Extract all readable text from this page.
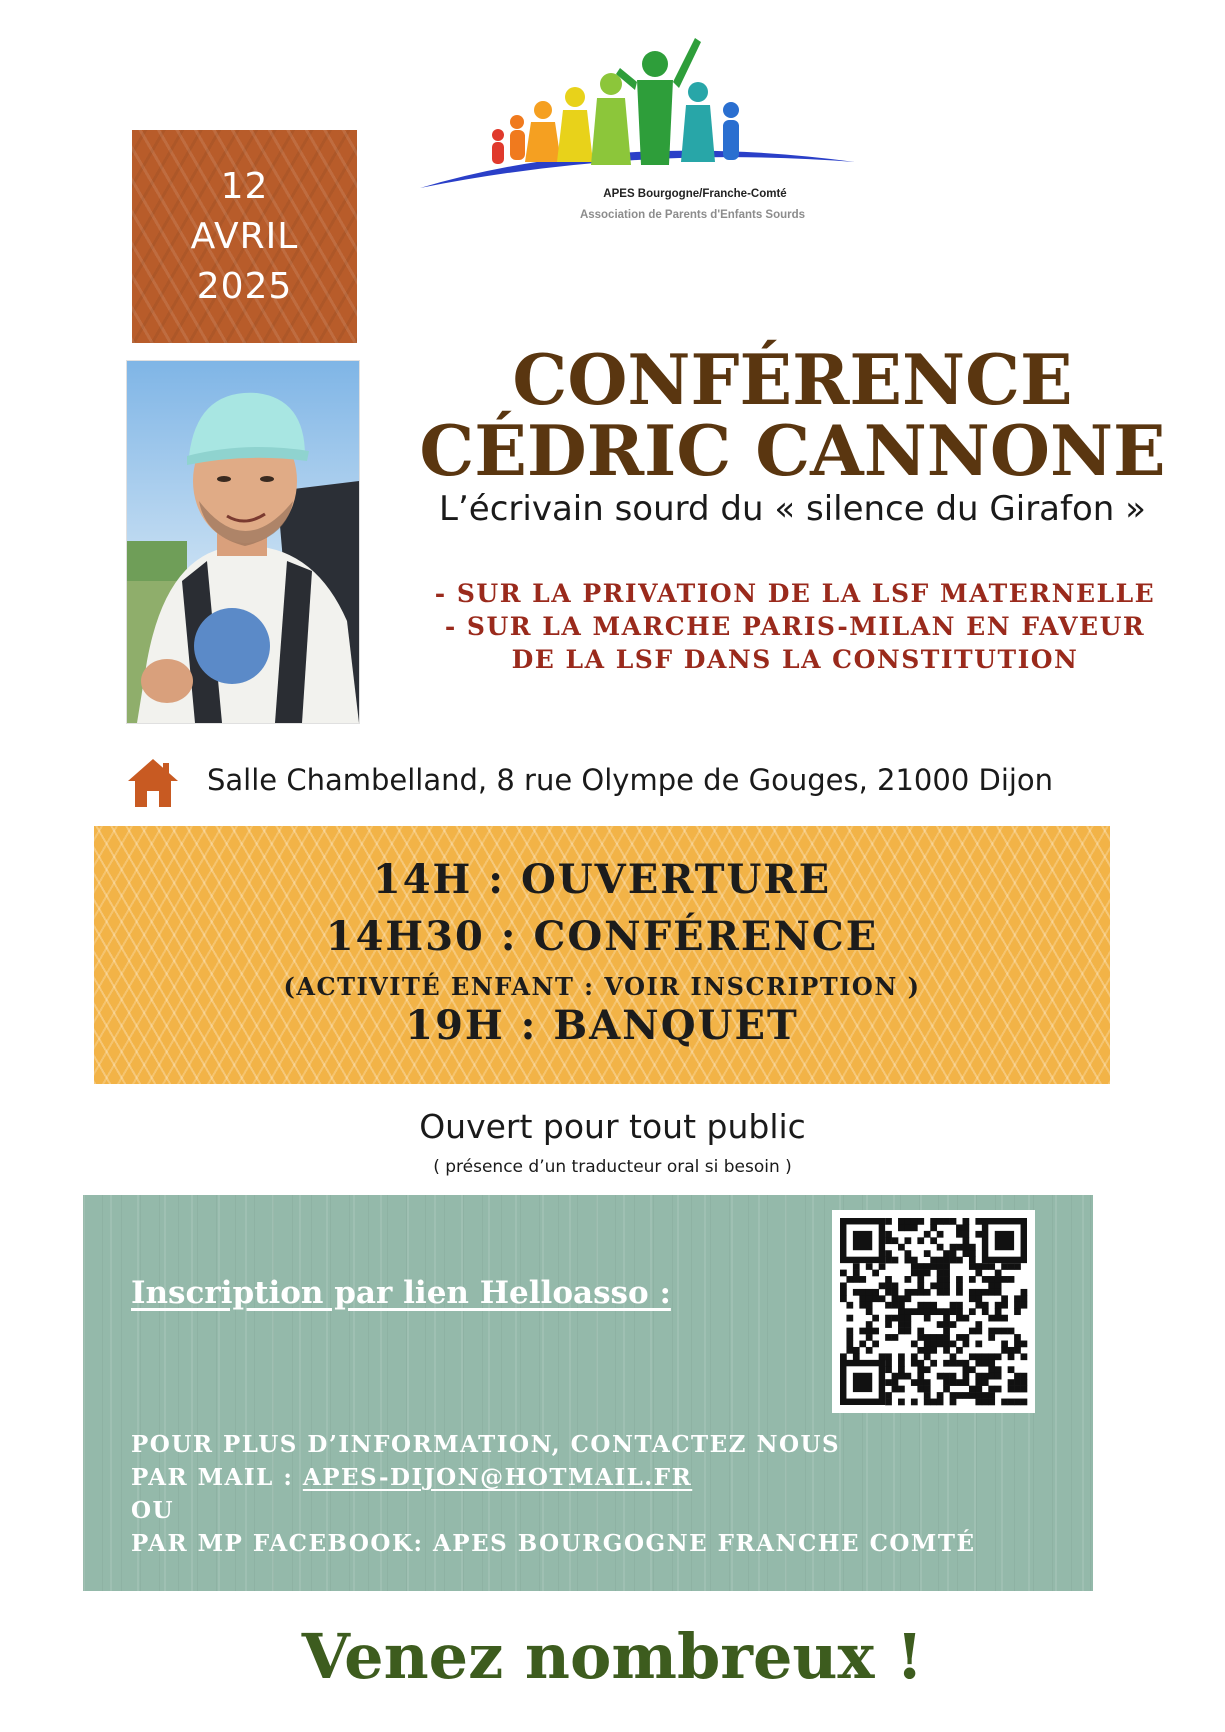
APES Bourgogne/Franche-Comté
Association de Parents d'Enfants Sourds
12
AVRIL
2025
CONFÉRENCE
CÉDRIC CANNONE
L’écrivain sourd du « silence du Girafon »
- SUR LA PRIVATION DE LA LSF MATERNELLE
- SUR LA MARCHE PARIS-MILAN EN FAVEUR
DE LA LSF DANS LA CONSTITUTION
Salle Chambelland, 8 rue Olympe de Gouges, 21000 Dijon
14H : OUVERTURE
14H30 : CONFÉRENCE
(ACTIVITÉ ENFANT : VOIR INSCRIPTION )
19H : BANQUET
Ouvert pour tout public
( présence d’un traducteur oral si besoin )
Inscription par lien Helloasso :
POUR PLUS D’INFORMATION, CONTACTEZ NOUS
PAR MAIL : APES-DIJON@HOTMAIL.FR
OU
PAR MP FACEBOOK: APES BOURGOGNE FRANCHE COMTÉ
Venez nombreux !
